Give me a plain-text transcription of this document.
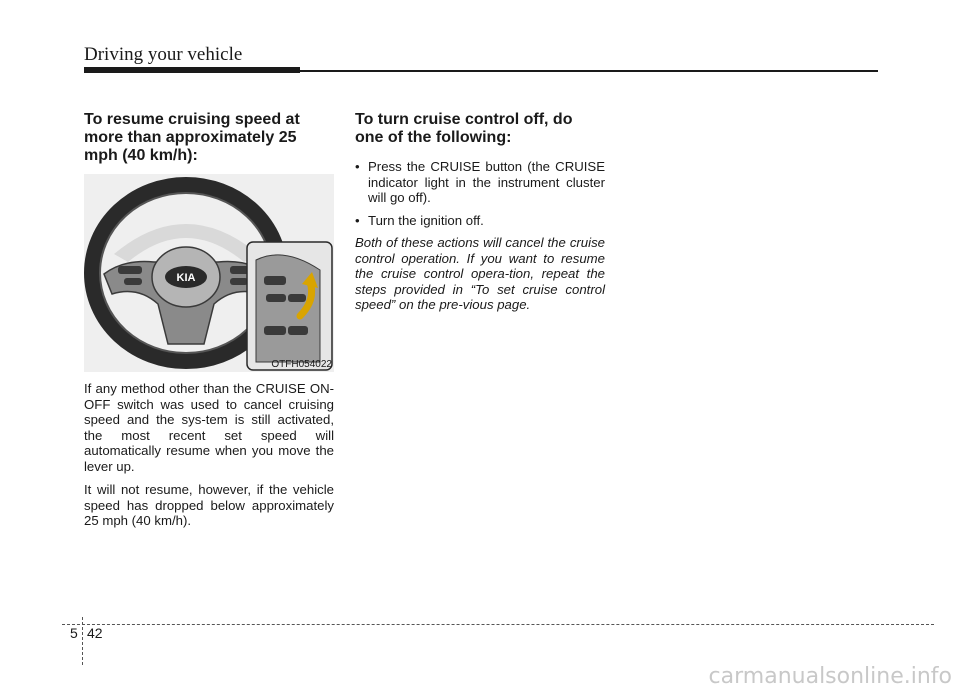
Driving your vehicle
To resume cruising speed at more than approximately 25 mph (40 km/h):
KIA
OTFH054022

If any method other than the CRUISE ON-OFF switch was used to cancel cruising speed and the sys-tem is still activated, the most recent set speed will automatically resume when you move the lever up.

It will not resume, however, if the vehicle speed has dropped below approximately 25 mph (40 km/h).

To turn cruise control off, do one of the following:
• Press the CRUISE button (the CRUISE indicator light in the instrument cluster will go off).
• Turn the ignition off.

Both of these actions will cancel the cruise control operation. If you want to resume the cruise control opera-tion, repeat the steps provided in “To set cruise control speed” on the pre-vious page.

5 42
carmanualsonline.info
